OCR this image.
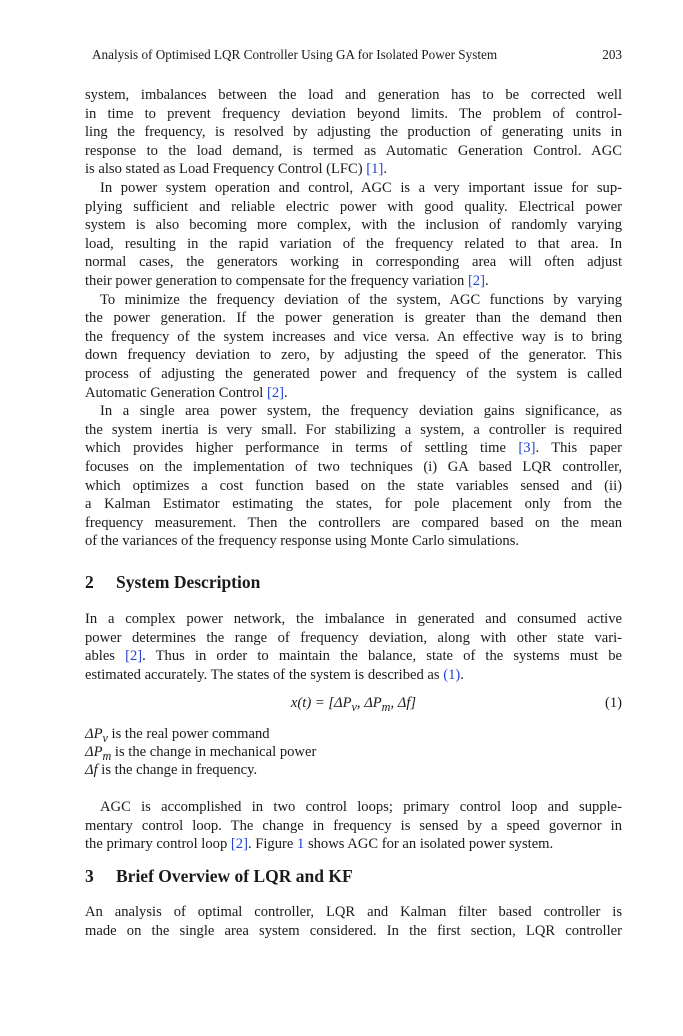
Analysis of Optimised LQR Controller Using GA for Isolated Power System	203
system, imbalances between the load and generation has to be corrected well
in time to prevent frequency deviation beyond limits. The problem of control-
ling the frequency, is resolved by adjusting the production of generating units in
response to the load demand, is termed as Automatic Generation Control. AGC
is also stated as Load Frequency Control (LFC) [1].
In power system operation and control, AGC is a very important issue for sup-
plying sufficient and reliable electric power with good quality. Electrical power
system is also becoming more complex, with the inclusion of randomly varying
load, resulting in the rapid variation of the frequency related to that area. In
normal cases, the generators working in corresponding area will often adjust
their power generation to compensate for the frequency variation [2].
To minimize the frequency deviation of the system, AGC functions by varying
the power generation. If the power generation is greater than the demand then
the frequency of the system increases and vice versa. An effective way is to bring
down frequency deviation to zero, by adjusting the speed of the generator. This
process of adjusting the generated power and frequency of the system is called
Automatic Generation Control [2].
In a single area power system, the frequency deviation gains significance, as
the system inertia is very small. For stabilizing a system, a controller is required
which provides higher performance in terms of settling time [3]. This paper
focuses on the implementation of two techniques (i) GA based LQR controller,
which optimizes a cost function based on the state variables sensed and (ii)
a Kalman Estimator estimating the states, for pole placement only from the
frequency measurement. Then the controllers are compared based on the mean
of the variances of the frequency response using Monte Carlo simulations.
2 System Description
In a complex power network, the imbalance in generated and consumed active
power determines the range of frequency deviation, along with other state vari-
ables [2]. Thus in order to maintain the balance, state of the systems must be
estimated accurately. The states of the system is described as (1).
$x(t) = [\Delta P_v$, $\Delta P_m$, Δf]	(1)
$\Delta P_v$ is the real power command
$\Delta P_m$ is the change in mechanical power
Δf is the change in frequency.
AGC is accomplished in two control loops; primary control loop and supple-
mentary control loop. The change in frequency is sensed by a speed governor in
the primary control loop [2]. Figure 1 shows AGC for an isolated power system.
3 Brief Overview of LQR and KF
An analysis of optimal controller, LQR and Kalman filter based controller is
made on the single area system considered. In the first section, LQR controller
